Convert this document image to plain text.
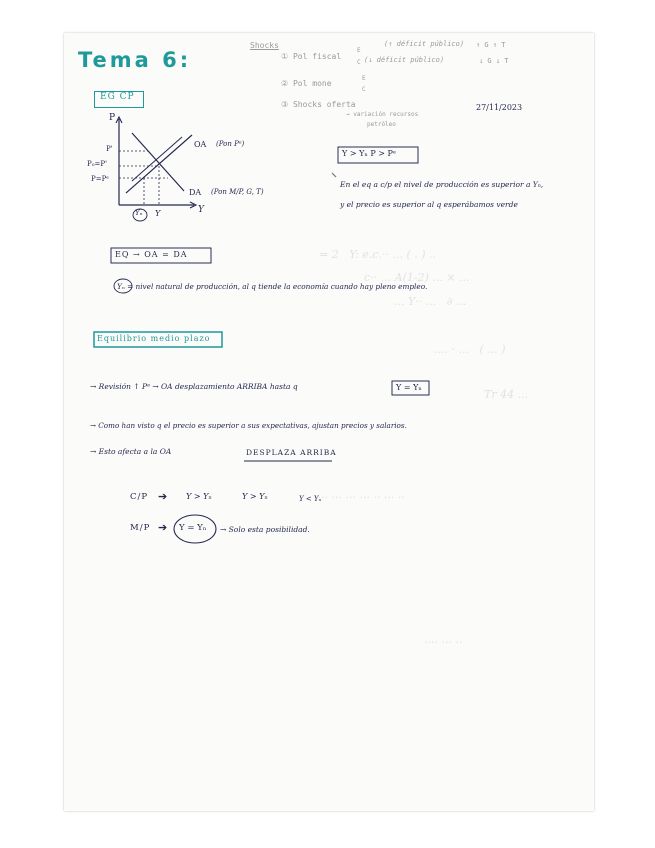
= 2   Y: e.c.·· ... ( . ) ..
c·· ... A(1-2) ... × ...
... Y·· ...   ∂ ...
.... · ...   ( ... )
Tr 44 ...
.... ... ... ... .. ... ..
.... ... ..
Tema 6:
Shocks
① Pol fiscal
E
C
(↑ déficit público) ↑ G ↑ T
(↓ déficit público)	↓ G ↓ T
② Pol mone
E
C
③ Shocks oferta
→ variación recursos
petróleo
27/11/2023
EG CP
P
Y
P'
P₀=P'
P=Pᵉ
Yₙ Y
OA (Pon Pᵉ)
DA (Pon M/P, G, T)
Y > Yₙ P > Pᵉ
En el eq a c/p el nivel de producción es superior a Yₙ,
y el precio es superior al q esperábamos verde
EQ → OA = DA
Yₙ = nivel natural de producción, al q tiende la economía cuando hay pleno empleo.
Equilibrio medio plazo
→ Revisión ↑ Pᵉ → OA desplazamiento ARRIBA hasta q	Y = Yₙ
→ Como han visto q el precio es superior a sus expectativas, ajustan precios y salarios.
→ Esto afecta a la OA	DESPLAZA ARRIBA
C/P ➔ Y > Yₙ	Y > Yₙ	Y < Yₙ
M/P ➔ Y = Yₙ → Solo esta posibilidad.
